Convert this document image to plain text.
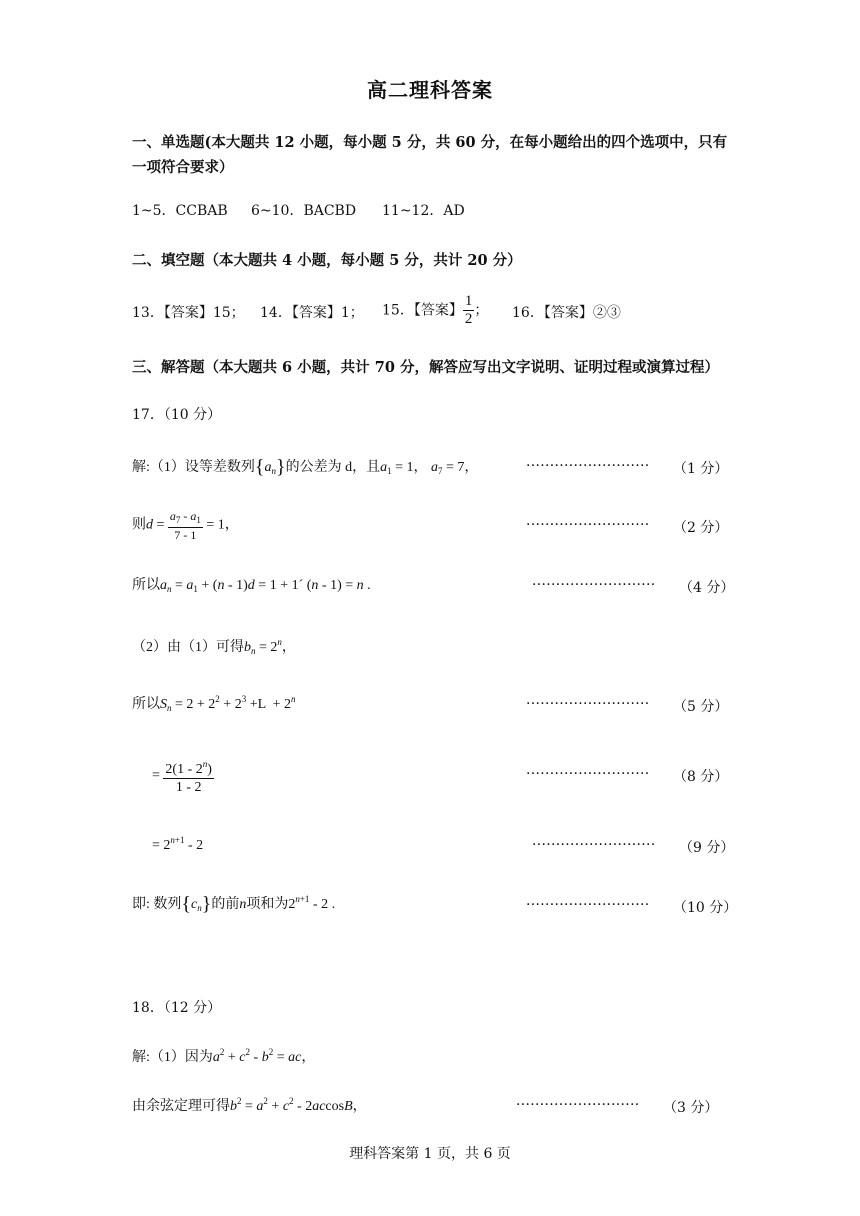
高二理科答案
一、单选题(本大题共 12 小题，每小题 5 分，共 60 分，在每小题给出的四个选项中，只有
一项符合要求）
1~5．CCBAB 6~10．BACBD 11~12．AD
二、填空题（本大题共 4 小题，每小题 5 分，共计 20 分）
13．【答案】15； 14．【答案】1； 15．【答案】 $\frac{1}{2}$ ； 16．【答案】②③
三、解答题（本大题共 6 小题，共计 70 分，解答应写出文字说明、证明过程或演算过程）
17．（10 分）
解:（1）设等差数列$\{a_n\}$的公差为 d，且$a_1 = 1$， $a_7 = 7$， ·····	（1 分）
则$d = \frac{a_7 - a_1}{7 - 1} = 1$， ·····	（2 分）
所以$a_n = a_1 + (n - 1)d = 1$ + 1´ (n - 1) = n . ·····	（4 分）
（2）由（1）可得$b_n = 2^n$，
所以$S_n = 2 + 2^2 + 2^3 +L + 2^n$ ·····	（5 分）
= $\frac{2(1 - 2^n)}{1 - 2}$ ·····	（8 分）
= $2^{n+1} - 2$ ·····	（9 分）
即: 数列$\{c_n\}$的前n项和为$2^{n+1} - 2$ . ·····	（10 分）
18．（12 分）
解:（1）因为$a^2 + c^2 - b^2$ = ac，
由余弦定理可得$b^2 = a^2 + c^2 - 2accosB$， ·····	（3 分）
理科答案第 1 页，共 6 页
